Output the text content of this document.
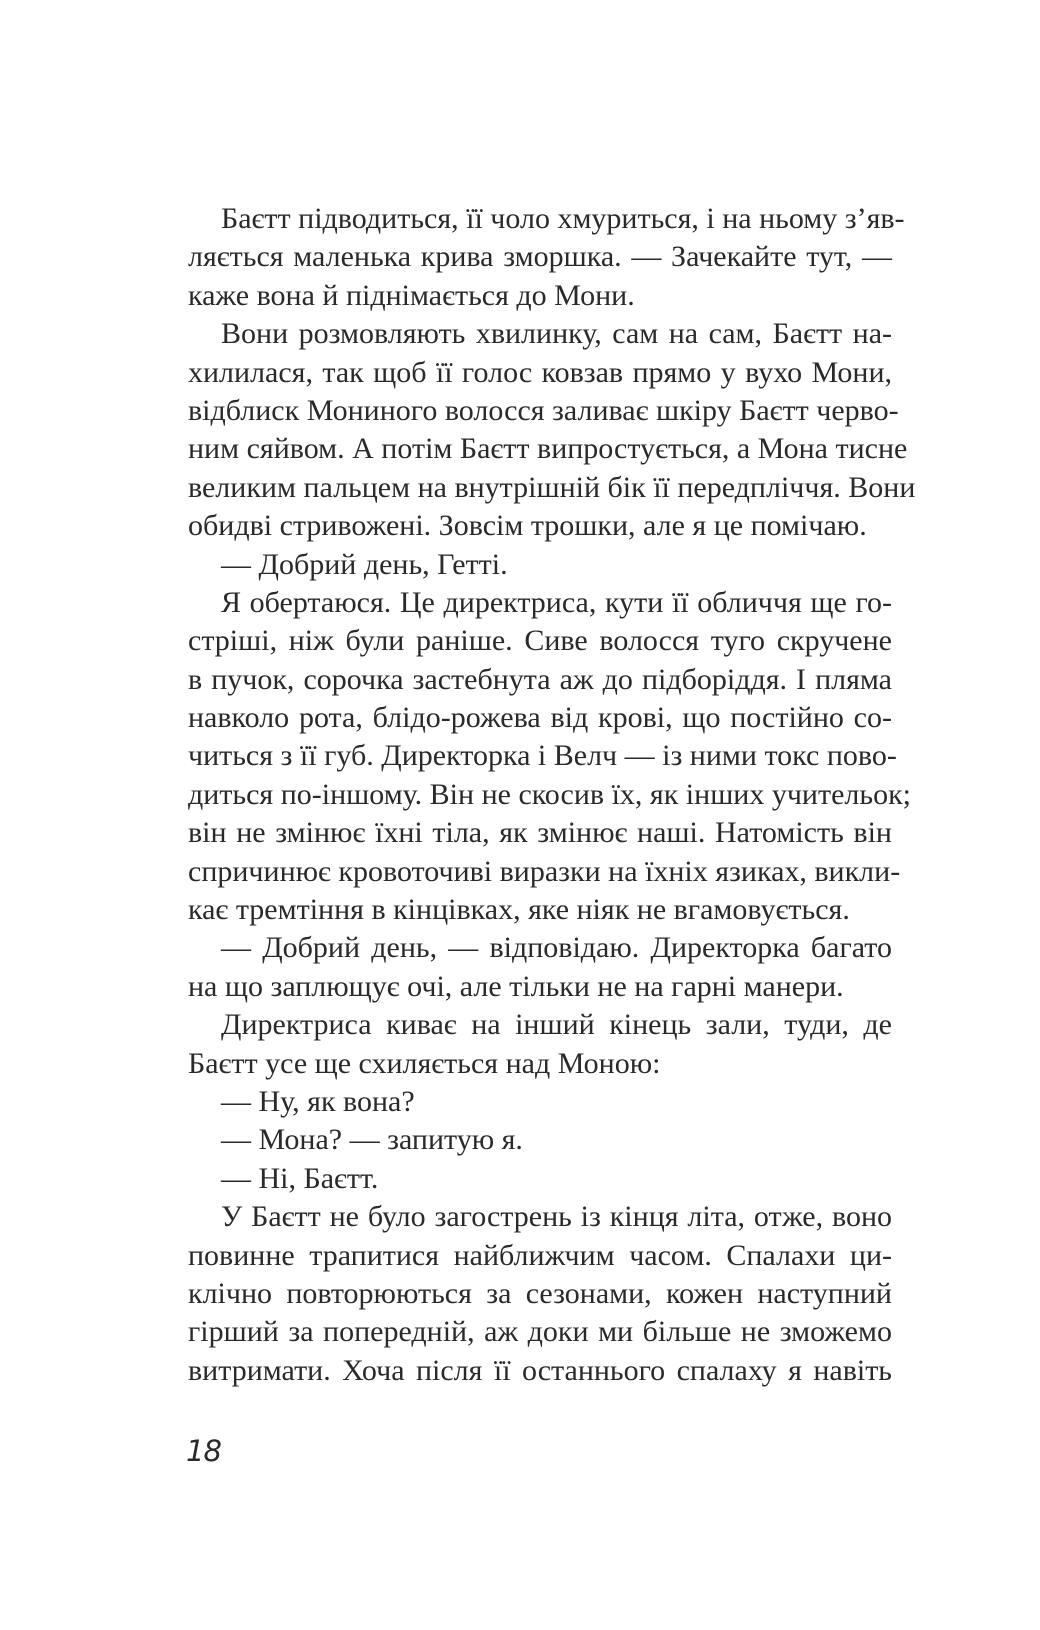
Баєтт підводиться, її чоло хмуриться, і на ньому з’яв-
ляється маленька крива зморшка. — Зачекайте тут, —
каже вона й піднімається до Мони.
Вони розмовляють хвилинку, сам на сам, Баєтт на-
хилилася, так щоб її голос ковзав прямо у вухо Мони,
відблиск Мониного волосся заливає шкіру Баєтт черво-
ним сяйвом. А потім Баєтт випростується, а Мона тисне
великим пальцем на внутрішній бік її передпліччя. Вони
обидві стривожені. Зовсім трошки, але я це помічаю.
— Добрий день, Гетті.
Я обертаюся. Це директриса, кути її обличчя ще го-
стріші, ніж були раніше. Сиве волосся туго скручене
в пучок, сорочка застебнута аж до підборіддя. І пляма
навколо рота, блідо-рожева від крові, що постійно со-
читься з її губ. Директорка і Велч — із ними токс пово-
диться по-іншому. Він не скосив їх, як інших учительок;
він не змінює їхні тіла, як змінює наші. Натомість він
спричинює кровоточиві виразки на їхніх язиках, викли-
кає тремтіння в кінцівках, яке ніяк не вгамовується.
— Добрий день, — відповідаю. Директорка багато
на що заплющує очі, але тільки не на гарні манери.
Директриса киває на інший кінець зали, туди, де
Баєтт усе ще схиляється над Моною:
— Ну, як вона?
— Мона? — запитую я.
— Ні, Баєтт.
У Баєтт не було загострень із кінця літа, отже, воно
повинне трапитися найближчим часом. Спалахи ци-
клічно повторюються за сезонами, кожен наступний
гірший за попередній, аж доки ми більше не зможемо
витримати. Хоча після її останнього спалаху я навіть
18
